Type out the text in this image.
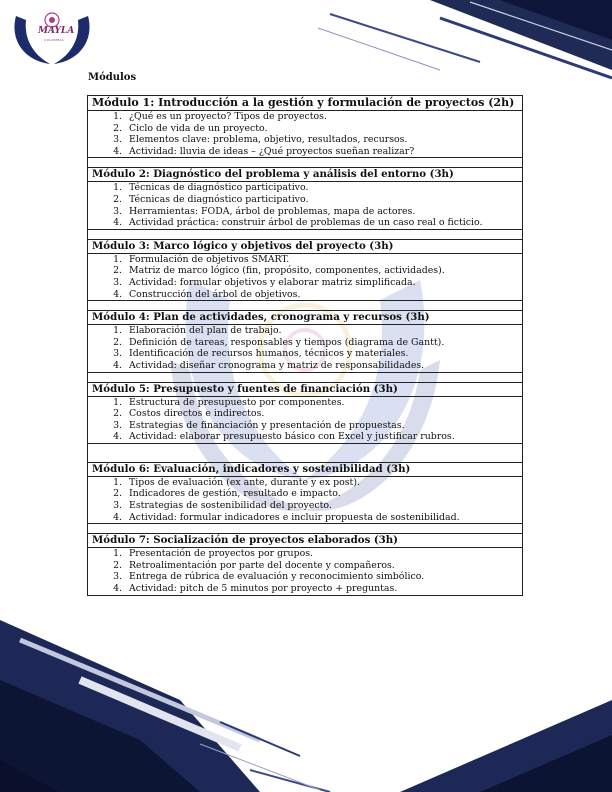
MAYLA
COLOMBIA
Módulos
Módulo 1: Introducción a la gestión y formulación de proyectos (2h)

1. ¿Qué es un proyecto? Tipos de proyectos.
2. Ciclo de vida de un proyecto.
3. Elementos clave: problema, objetivo, resultados, recursos.
4. Actividad: lluvia de ideas – ¿Qué proyectos sueñan realizar?

Módulo 2: Diagnóstico del problema y análisis del entorno (3h)

1. Técnicas de diagnóstico participativo.
2. Técnicas de diagnóstico participativo.
3. Herramientas: FODA, árbol de problemas, mapa de actores.
4. Actividad práctica: construir árbol de problemas de un caso real o ficticio.

Módulo 3: Marco lógico y objetivos del proyecto (3h)

1. Formulación de objetivos SMART.
2. Matriz de marco lógico (fin, propósito, componentes, actividades).
3. Actividad: formular objetivos y elaborar matriz simplificada.
4. Construcción del árbol de objetivos.

Módulo 4: Plan de actividades, cronograma y recursos (3h)

1. Elaboración del plan de trabajo.
2. Definición de tareas, responsables y tiempos (diagrama de Gantt).
3. Identificación de recursos humanos, técnicos y materiales.
4. Actividad: diseñar cronograma y matriz de responsabilidades.

Módulo 5: Presupuesto y fuentes de financiación (3h)

1. Estructura de presupuesto por componentes.
2. Costos directos e indirectos.
3. Estrategias de financiación y presentación de propuestas.
4. Actividad: elaborar presupuesto básico con Excel y justificar rubros.

Módulo 6: Evaluación, indicadores y sostenibilidad (3h)

1. Tipos de evaluación (ex ante, durante y ex post).
2. Indicadores de gestión, resultado e impacto.
3. Estrategias de sostenibilidad del proyecto.
4. Actividad: formular indicadores e incluir propuesta de sostenibilidad.

Módulo 7: Socialización de proyectos elaborados (3h)

1. Presentación de proyectos por grupos.
2. Retroalimentación por parte del docente y compañeros.
3. Entrega de rúbrica de evaluación y reconocimiento simbólico.
4. Actividad: pitch de 5 minutos por proyecto + preguntas.
